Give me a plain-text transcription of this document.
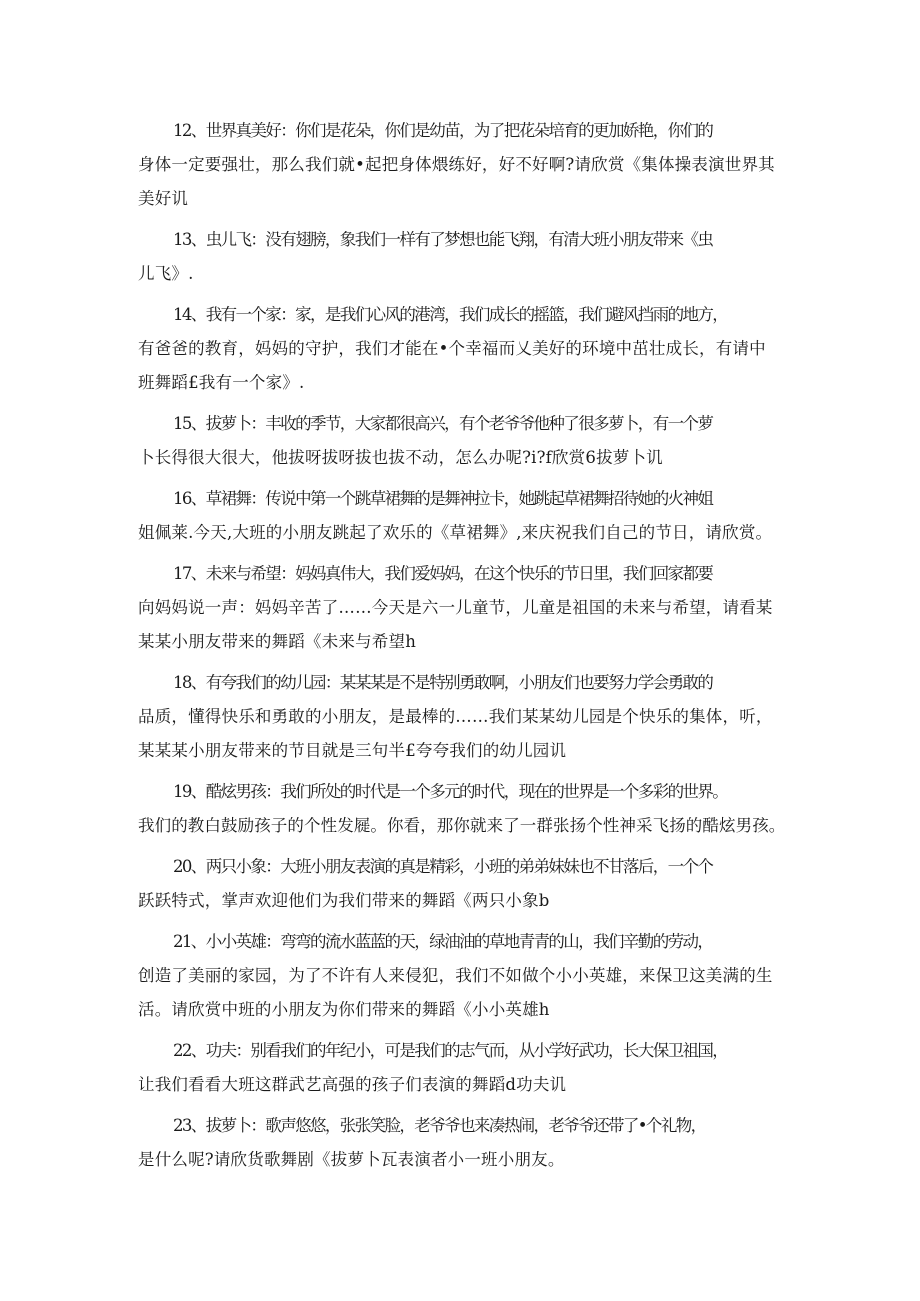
12、世界真美好：你们是花朵，你们是幼苗，为了把花朵培育的更加娇艳，你们的
身体一定要强壮，那么我们就•起把身体煨练好，好不好啊?请欣赏《集体操表演世界其
美好讥

13、虫儿飞：没有翅膀，象我们一样有了梦想也能飞翔，有清大班小朋友带来《虫
儿飞》.

14、我有一个家：家，是我们心风的港湾，我们成长的摇篮，我们避风挡雨的地方，
有爸爸的教育，妈妈的守护，我们才能在•个幸福而乂美好的环境中茁壮成长，有请中
班舞蹈£我有一个家》.

15、拔萝卜：丰收的季节，大家都很高兴，有个老爷爷他种了很多萝卜，有一个萝
卜长得很大很大，他拔呀拔呀拔也拔不动，怎么办呢?i?f欣赏6拔萝卜讥

16、草裙舞：传说中第一个跳草裙舞的是舞神拉卡，她跳起草裙舞招待她的火神姐
姐佩莱.今天,大班的小朋友跳起了欢乐的《草裙舞》,来庆祝我们自己的节日，请欣赏。

17、未来与希望：妈妈真伟大，我们爱妈妈，在这个快乐的节日里，我们回家都要
向妈妈说一声：妈妈辛苦了……今天是六一儿童节，儿童是祖国的未来与希望，请看某
某某小朋友带来的舞蹈《未来与希望h

18、有夸我们的幼儿园：某某某是不是特别勇敢啊，小朋友们也要努力学会勇敢的
品质，懂得快乐和勇敢的小朋友，是最棒的……我们某某幼儿园是个快乐的集体，听，
某某某小朋友带来的节目就是三句半£夸夸我们的幼儿园讥

19、酷炫男孩：我们所处的时代是一个多元的时代，现在的世界是一个多彩的世界。
我们的教白鼓励孩子的个性发屣。你看，那你就来了一群张扬个性神采飞扬的酷炫男孩。

20、两只小象：大班小朋友表演的真是精彩，小班的弟弟妹妹也不甘落后，一个个
跃跃特式，掌声欢迎他们为我们带来的舞蹈《两只小象b

21、小小英雄：弯弯的流水蓝蓝的天，绿油油的草地青青的山，我们辛勤的劳动，
创造了美丽的家园，为了不许有人来侵犯，我们不如做个小小英雄，来保卫这美满的生
活。请欣赏中班的小朋友为你们带来的舞蹈《小小英雄h

22、功夫：别看我们的年纪小，可是我们的志气而，从小学好武功，长大保卫祖国，
让我们看看大班这群武艺高强的孩子们表演的舞蹈d功夫讥

23、拔萝卜：歌声悠悠，张张笑脸，老爷爷也来凑热闹，老爷爷还带了•个礼物，
是什么呢?请欣货歌舞剧《拔萝卜瓦表演者小一班小朋友。
